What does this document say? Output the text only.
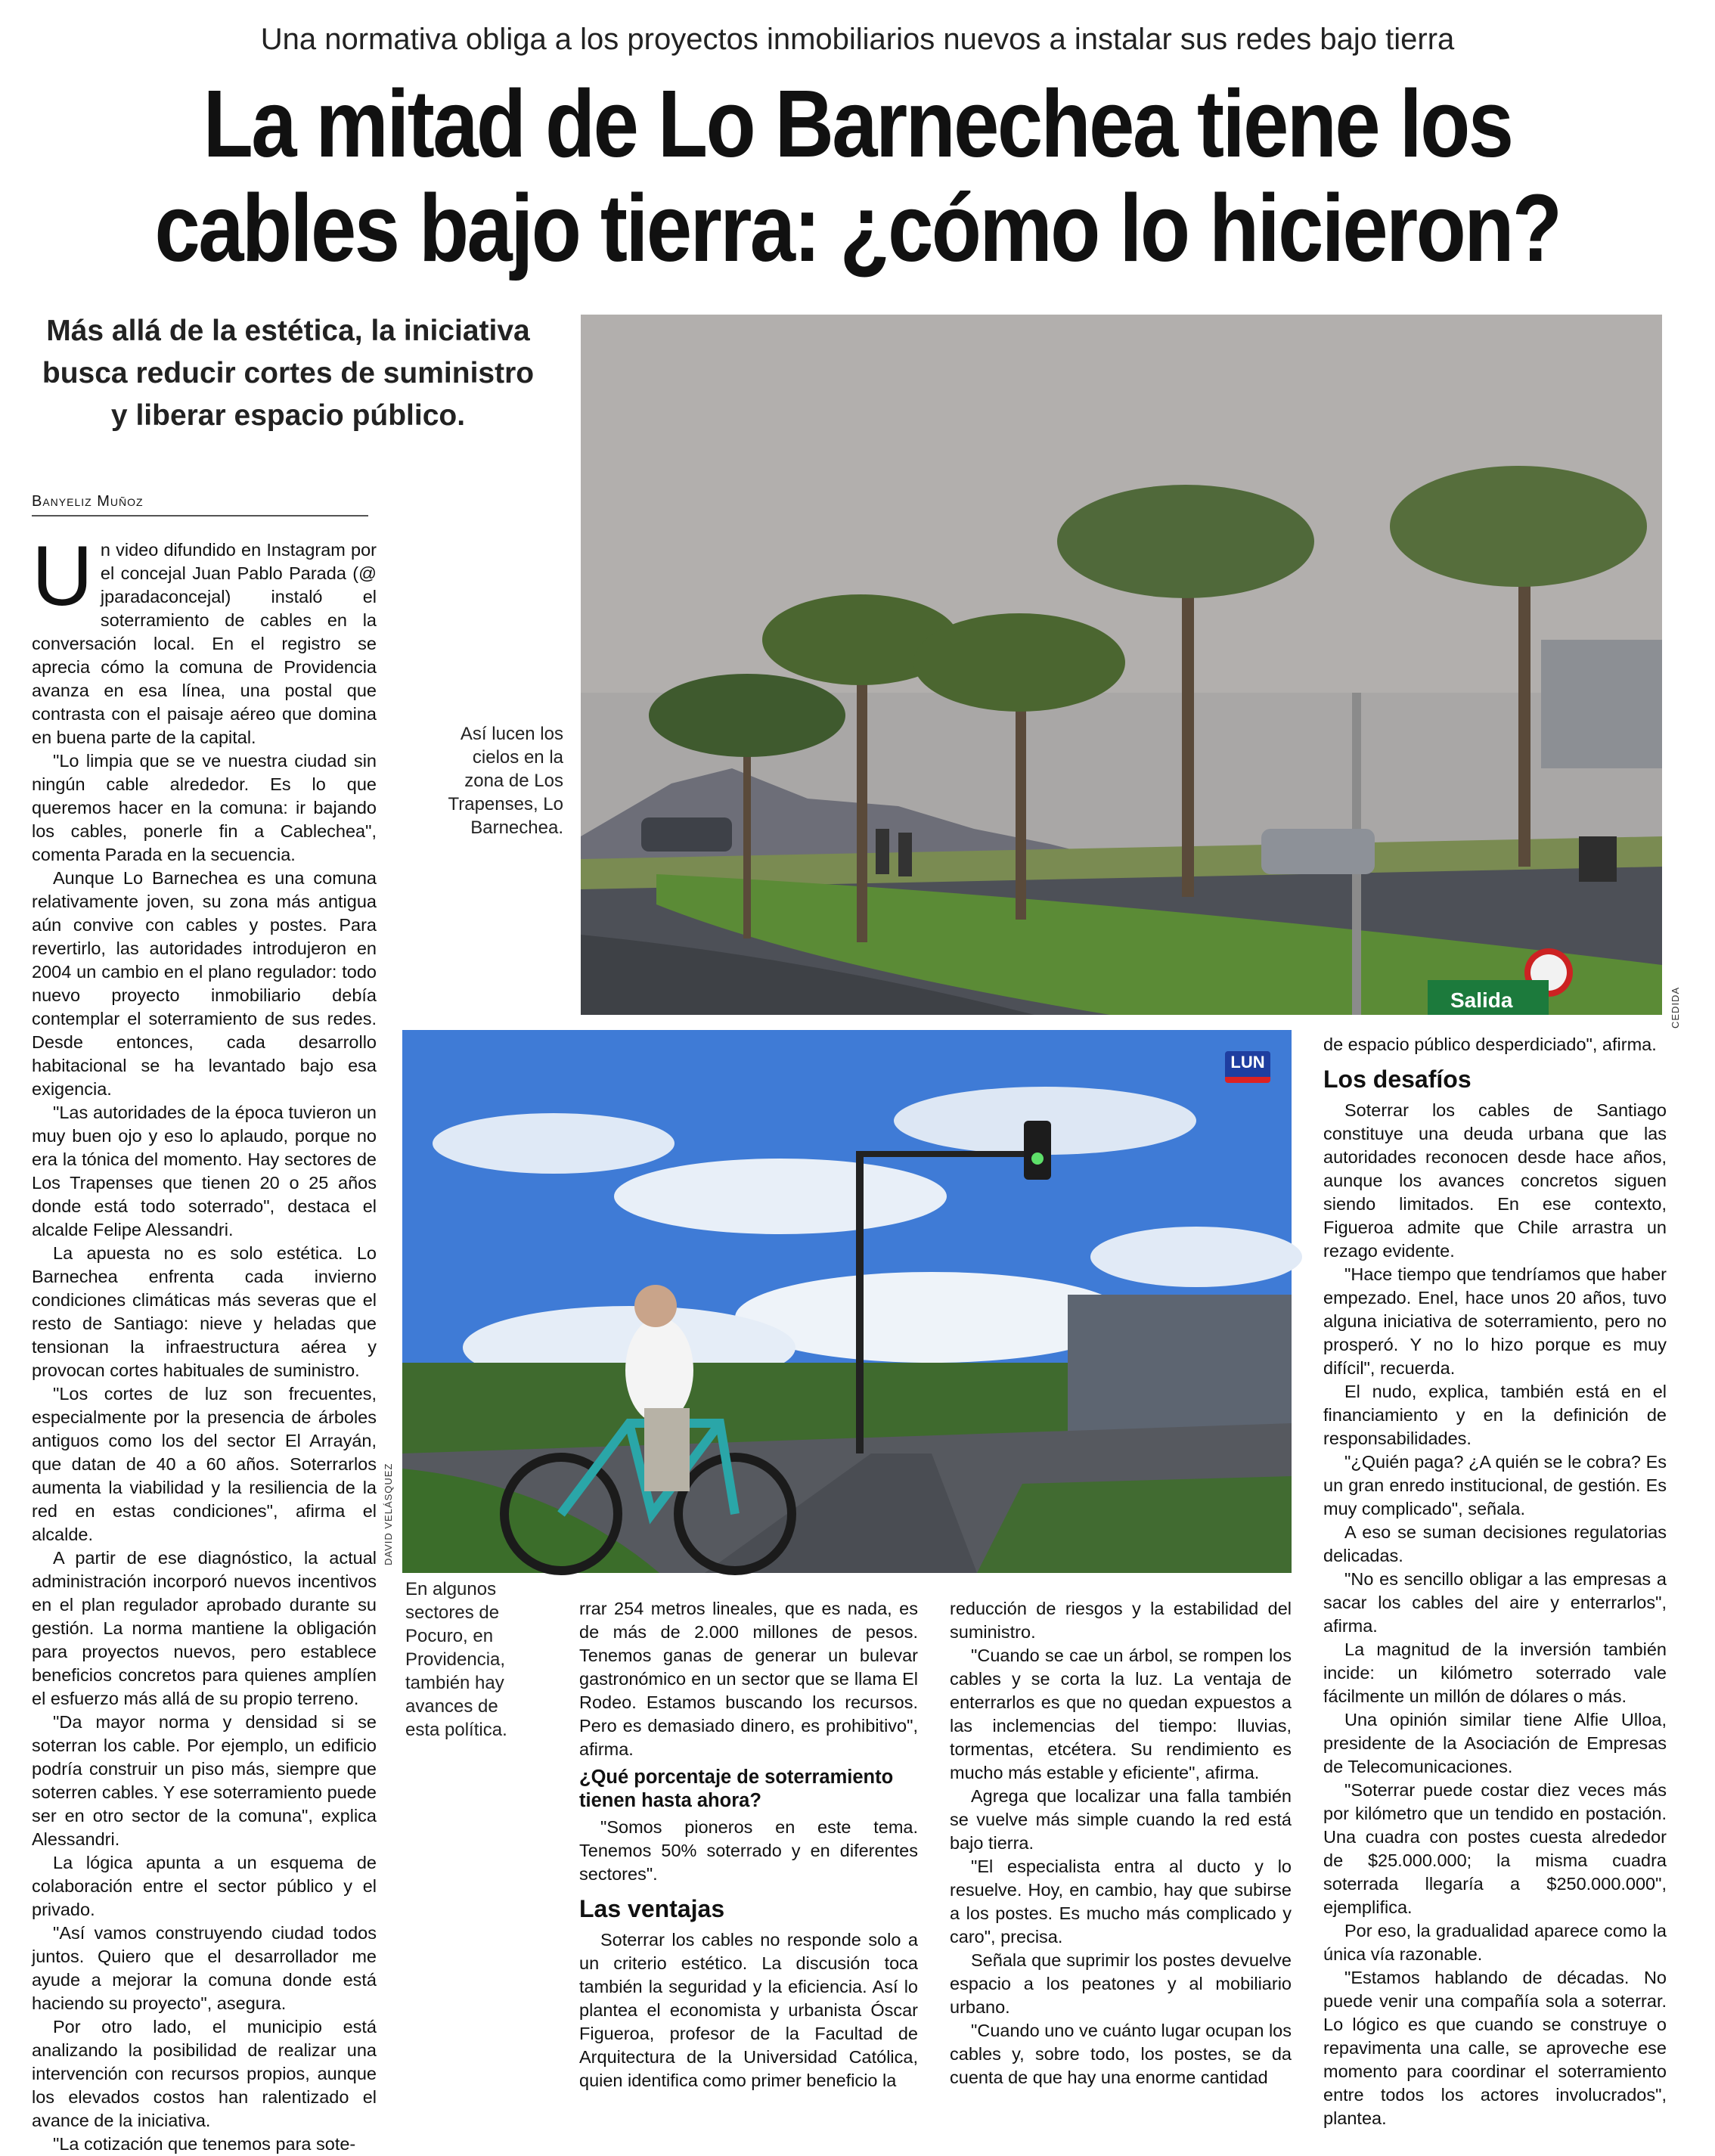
Una normativa obliga a los proyectos inmobiliarios nuevos a instalar sus redes bajo tierra
La mitad de Lo Barnechea tiene los
cables bajo tierra: ¿cómo lo hicieron?
Más allá de la estética, la iniciativa
busca reducir cortes de suministro
y liberar espacio público.
Banyeliz Muñoz
Salida	CEDIDA
Así lucen los cielos en la zona de Los Trapenses, Lo Barnechea.
LUN
DAVID VELÁSQUEZ
En algunos sectores de Pocuro, en Providencia, también hay avances de esta política.

Un video difundido en Instagram por el concejal Juan Pablo Parada (@ jparadaconcejal) instaló el soterramiento de cables en la conversación local. En el registro se aprecia cómo la comuna de Providencia avanza en esa línea, una postal que contrasta con el paisaje aéreo que domina en buena parte de la capital.

"Lo limpia que se ve nuestra ciudad sin ningún cable alrededor. Es lo que queremos hacer en la comuna: ir bajando los cables, ponerle fin a Cablechea", comenta Parada en la secuencia.

Aunque Lo Barnechea es una comuna relativamente joven, su zona más antigua aún convive con cables y postes. Para revertirlo, las autoridades introdujeron en 2004 un cambio en el plano regulador: todo nuevo proyecto inmobiliario debía contemplar el soterramiento de sus redes. Desde entonces, cada desarrollo habitacional se ha levantado bajo esa exigencia.

"Las autoridades de la época tuvieron un muy buen ojo y eso lo aplaudo, porque no era la tónica del momento. Hay sectores de Los Trapenses que tienen 20 o 25 años donde está todo soterrado", destaca el alcalde Felipe Alessandri.

La apuesta no es solo estética. Lo Barnechea enfrenta cada invierno condiciones climáticas más severas que el resto de Santiago: nieve y heladas que tensionan la infraestructura aérea y provocan cortes habituales de suministro.

"Los cortes de luz son frecuentes, especialmente por la presencia de árboles antiguos como los del sector El Arrayán, que datan de 40 a 60 años. Soterrarlos aumenta la viabilidad y la resiliencia de la red en estas condiciones", afirma el alcalde.

A partir de ese diagnóstico, la actual administración incorporó nuevos incentivos en el plan regulador aprobado durante su gestión. La norma mantiene la obligación para proyectos nuevos, pero establece beneficios concretos para quienes amplíen el esfuerzo más allá de su propio terreno.

"Da mayor norma y densidad si se soterran los cable. Por ejemplo, un edificio podría construir un piso más, siempre que soterren cables. Y ese soterramiento puede ser en otro sector de la comuna", explica Alessandri.

La lógica apunta a un esquema de colaboración entre el sector público y el privado.

"Así vamos construyendo ciudad todos juntos. Quiero que el desarrollador me ayude a mejorar la comuna donde está haciendo su proyecto", asegura.

Por otro lado, el municipio está analizando la posibilidad de realizar una intervención con recursos propios, aunque los elevados costos han ralentizado el avance de la iniciativa.

"La cotización que tenemos para sote-

rrar 254 metros lineales, que es nada, es de más de 2.000 millones de pesos. Tenemos ganas de generar un bulevar gastronómico en un sector que se llama El Rodeo. Estamos buscando los recursos. Pero es demasiado dinero, es prohibitivo", afirma.

¿Qué porcentaje de soterramiento tienen hasta ahora?

"Somos pioneros en este tema. Tenemos 50% soterrado y en diferentes sectores".

Las ventajas

Soterrar los cables no responde solo a un criterio estético. La discusión toca también la seguridad y la eficiencia. Así lo plantea el economista y urbanista Óscar Figueroa, profesor de la Facultad de Arquitectura de la Universidad Católica, quien identifica como primer beneficio la

reducción de riesgos y la estabilidad del suministro.

"Cuando se cae un árbol, se rompen los cables y se corta la luz. La ventaja de enterrarlos es que no quedan expuestos a las inclemencias del tiempo: lluvias, tormentas, etcétera. Su rendimiento es mucho más estable y eficiente", afirma.

Agrega que localizar una falla también se vuelve más simple cuando la red está bajo tierra.

"El especialista entra al ducto y lo resuelve. Hoy, en cambio, hay que subirse a los postes. Es mucho más complicado y caro", precisa.

Señala que suprimir los postes devuelve espacio a los peatones y al mobiliario urbano.

"Cuando uno ve cuánto lugar ocupan los cables y, sobre todo, los postes, se da cuenta de que hay una enorme cantidad

de espacio público desperdiciado", afirma.

Los desafíos

Soterrar los cables de Santiago constituye una deuda urbana que las autoridades reconocen desde hace años, aunque los avances concretos siguen siendo limitados. En ese contexto, Figueroa admite que Chile arrastra un rezago evidente.

"Hace tiempo que tendríamos que haber empezado. Enel, hace unos 20 años, tuvo alguna iniciativa de soterramiento, pero no prosperó. Y no lo hizo porque es muy difícil", recuerda.

El nudo, explica, también está en el financiamiento y en la definición de responsabilidades.

"¿Quién paga? ¿A quién se le cobra? Es un gran enredo institucional, de gestión. Es muy complicado", señala.

A eso se suman decisiones regulatorias delicadas.

"No es sencillo obligar a las empresas a sacar los cables del aire y enterrarlos", afirma.

La magnitud de la inversión también incide: un kilómetro soterrado vale fácilmente un millón de dólares o más.

Una opinión similar tiene Alfie Ulloa, presidente de la Asociación de Empresas de Telecomunicaciones.

"Soterrar puede costar diez veces más por kilómetro que un tendido en postación. Una cuadra con postes cuesta alrededor de $25.000.000; la misma cuadra soterrada llegaría a $250.000.000", ejemplifica.

Por eso, la gradualidad aparece como la única vía razonable.

"Estamos hablando de décadas. No puede venir una compañía sola a soterrar. Lo lógico es que cuando se construye o repavimenta una calle, se aproveche ese momento para coordinar el soterramiento entre todos los actores involucrados", plantea.
